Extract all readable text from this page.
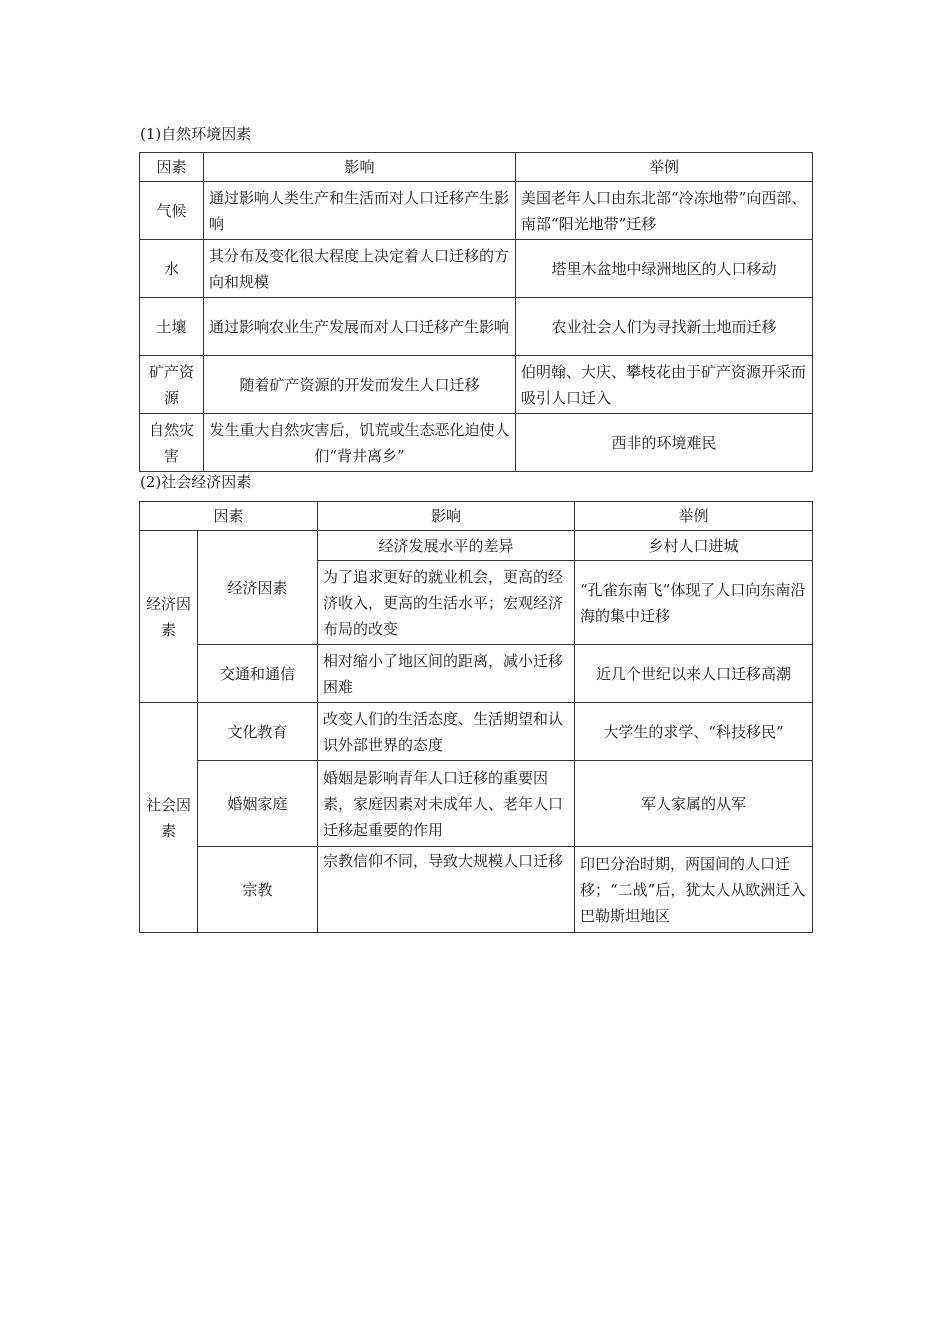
(1)自然环境因素
因素	影响	举例
气候	通过影响人类生产和生活而对人口迁移产生影响	美国老年人口由东北部“冷冻地带”向西部、南部“阳光地带”迁移
水	其分布及变化很大程度上决定着人口迁移的方向和规模	塔里木盆地中绿洲地区的人口移动
土壤	通过影响农业生产发展而对人口迁移产生影响	农业社会人们为寻找新土地而迁移
矿产资源	随着矿产资源的开发而发生人口迁移	伯明翰、大庆、攀枝花由于矿产资源开采而吸引人口迁入
自然灾害	发生重大自然灾害后，饥荒或生态恶化迫使人们“背井离乡”	西非的环境难民
(2)社会经济因素
因素		影响	举例
经济因素	经济因素	经济发展水平的差异	乡村人口进城
		为了追求更好的就业机会，更高的经济收入，更高的生活水平；宏观经济布局的改变	“孔雀东南飞”体现了人口向东南沿海的集中迁移
	交通和通信	相对缩小了地区间的距离，减小迁移困难	近几个世纪以来人口迁移高潮
社会因素	文化教育	改变人们的生活态度、生活期望和认识外部世界的态度	大学生的求学、“科技移民”
	婚姻家庭	婚姻是影响青年人口迁移的重要因素，家庭因素对未成年人、老年人口迁移起重要的作用	军人家属的从军
	宗教	宗教信仰不同，导致大规模人口迁移	印巴分治时期，两国间的人口迁移；“二战”后，犹太人从欧洲迁入巴勒斯坦地区
